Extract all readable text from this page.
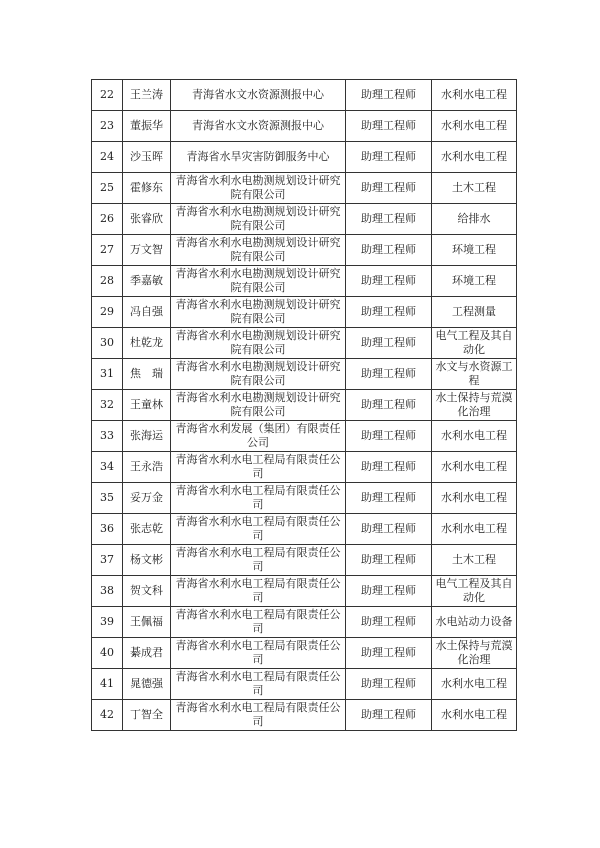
22	王兰涛	青海省水文水资源测报中心	助理工程师	水利水电工程
23	董振华	青海省水文水资源测报中心	助理工程师	水利水电工程
24	沙玉晖	青海省水旱灾害防御服务中心	助理工程师	水利水电工程
25	霍修东	青海省水利水电勘测规划设计研究院有限公司	助理工程师	土木工程
26	张睿欣	青海省水利水电勘测规划设计研究院有限公司	助理工程师	给排水
27	万文智	青海省水利水电勘测规划设计研究院有限公司	助理工程师	环境工程
28	季嘉敏	青海省水利水电勘测规划设计研究院有限公司	助理工程师	环境工程
29	冯自强	青海省水利水电勘测规划设计研究院有限公司	助理工程师	工程测量
30	杜乾龙	青海省水利水电勘测规划设计研究院有限公司	助理工程师	电气工程及其自动化
31	焦　瑞	青海省水利水电勘测规划设计研究院有限公司	助理工程师	水文与水资源工程
32	王童林	青海省水利水电勘测规划设计研究院有限公司	助理工程师	水土保持与荒漠化治理
33	张海运	青海省水利发展（集团）有限责任公司	助理工程师	水利水电工程
34	王永浩	青海省水利水电工程局有限责任公司	助理工程师	水利水电工程
35	妥万金	青海省水利水电工程局有限责任公司	助理工程师	水利水电工程
36	张志乾	青海省水利水电工程局有限责任公司	助理工程师	水利水电工程
37	杨文彬	青海省水利水电工程局有限责任公司	助理工程师	土木工程
38	贺文科	青海省水利水电工程局有限责任公司	助理工程师	电气工程及其自动化
39	王佩福	青海省水利水电工程局有限责任公司	助理工程师	水电站动力设备
40	綦成君	青海省水利水电工程局有限责任公司	助理工程师	水土保持与荒漠化治理
41	晁德强	青海省水利水电工程局有限责任公司	助理工程师	水利水电工程
42	丁智全	青海省水利水电工程局有限责任公司	助理工程师	水利水电工程
